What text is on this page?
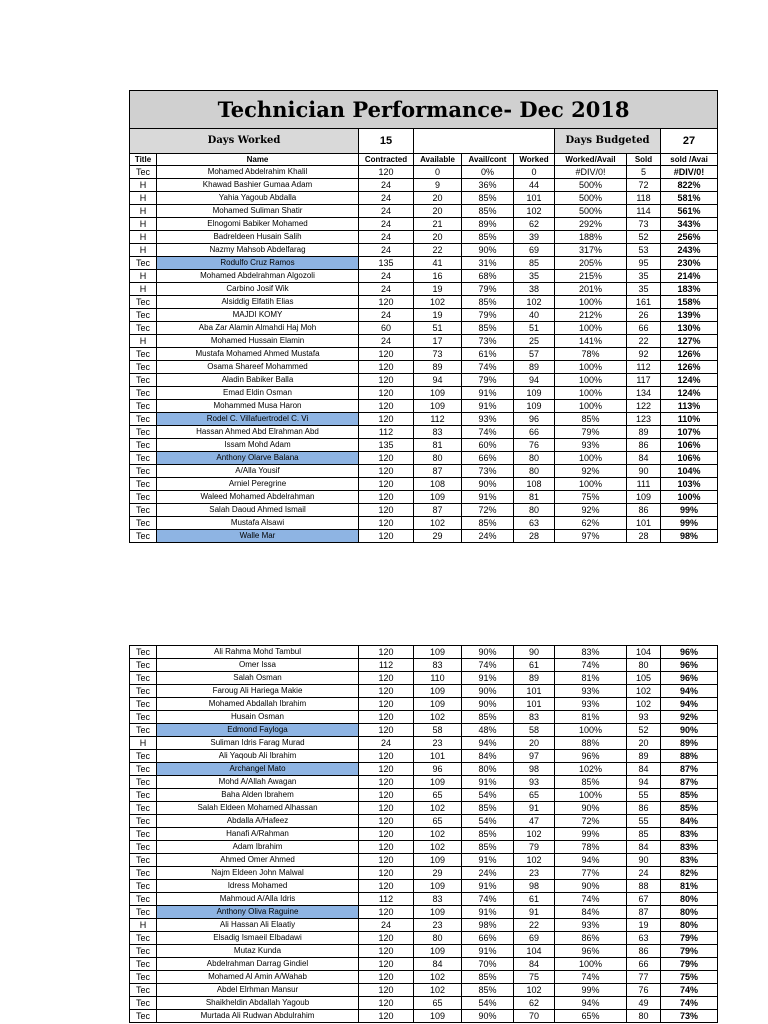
Technician Performance- Dec 2018								
Days Worked		15				Days Budgeted		27
Title	Name	Contracted	Available	Avail/cont	Worked	Worked/Avail	Sold	sold /Avai
Tec	Mohamed Abdelrahim Khalil	120	0	0%	0	#DIV/0!	5	#DIV/0!
H	Khawad Bashier Gumaa Adam	24	9	36%	44	500%	72	822%
H	Yahia Yagoub Abdalla	24	20	85%	101	500%	118	581%
H	Mohamed Suliman Shatir	24	20	85%	102	500%	114	561%
H	Elnogomi Babiker Mohamed	24	21	89%	62	292%	73	343%
H	Badreldeen Husain Salih	24	20	85%	39	188%	52	256%
H	Nazmy Mahsob Abdelfarag	24	22	90%	69	317%	53	243%
Tec	Rodulfo Cruz Ramos	135	41	31%	85	205%	95	230%
H	Mohamed Abdelrahman Algozoli	24	16	68%	35	215%	35	214%
H	Carbino Josif Wik	24	19	79%	38	201%	35	183%
Tec	Alsiddig Elfatih Elias	120	102	85%	102	100%	161	158%
Tec	MAJDI KOMY	24	19	79%	40	212%	26	139%
Tec	Aba Zar Alamin Almahdi Haj Moh	60	51	85%	51	100%	66	130%
H	Mohamed Hussain Elamin	24	17	73%	25	141%	22	127%
Tec	Mustafa Mohamed Ahmed Mustafa	120	73	61%	57	78%	92	126%
Tec	Osama Shareef Mohammed	120	89	74%	89	100%	112	126%
Tec	Aladin Babiker Balla	120	94	79%	94	100%	117	124%
Tec	Emad Eldin Osman	120	109	91%	109	100%	134	124%
Tec	Mohammed Musa Haron	120	109	91%	109	100%	122	113%
Tec	Rodel C. Villafuertrodel C. Vi	120	112	93%	96	85%	123	110%
Tec	Hassan Ahmed Abd Elrahman Abd	112	83	74%	66	79%	89	107%
Tec	Issam Mohd Adam	135	81	60%	76	93%	86	106%
Tec	Anthony Olarve Balana	120	80	66%	80	100%	84	106%
Tec	A/Alla Yousif	120	87	73%	80	92%	90	104%
Tec	Arniel Peregrine	120	108	90%	108	100%	111	103%
Tec	Waleed Mohamed Abdelrahman	120	109	91%	81	75%	109	100%
Tec	Salah Daoud Ahmed Ismail	120	87	72%	80	92%	86	99%
Tec	Mustafa Alsawi	120	102	85%	63	62%	101	99%
Tec	Walle Mar	120	29	24%	28	97%	28	98%
Tec	Ali Rahma Mohd Tambul	120	109	90%	90	83%	104	96%
Tec	Omer Issa	112	83	74%	61	74%	80	96%
Tec	Salah Osman	120	110	91%	89	81%	105	96%
Tec	Faroug Ali Hariega Makie	120	109	90%	101	93%	102	94%
Tec	Mohamed Abdallah Ibrahim	120	109	90%	101	93%	102	94%
Tec	Husain Osman	120	102	85%	83	81%	93	92%
Tec	Edmond Fayloga	120	58	48%	58	100%	52	90%
H	Suliman Idris Farag Murad	24	23	94%	20	88%	20	89%
Tec	Ali Yaqoub Ali Ibrahim	120	101	84%	97	96%	89	88%
Tec	Archangel Mato	120	96	80%	98	102%	84	87%
Tec	Mohd A/Allah Awagan	120	109	91%	93	85%	94	87%
Tec	Baha Alden Ibrahem	120	65	54%	65	100%	55	85%
Tec	Salah Eldeen Mohamed Alhassan	120	102	85%	91	90%	86	85%
Tec	Abdalla A/Hafeez	120	65	54%	47	72%	55	84%
Tec	Hanafi A/Rahman	120	102	85%	102	99%	85	83%
Tec	Adam Ibrahim	120	102	85%	79	78%	84	83%
Tec	Ahmed Omer Ahmed	120	109	91%	102	94%	90	83%
Tec	Najm Eldeen John Malwal	120	29	24%	23	77%	24	82%
Tec	Idress Mohamed	120	109	91%	98	90%	88	81%
Tec	Mahmoud A/Alla Idris	112	83	74%	61	74%	67	80%
Tec	Anthony Oliva Raguine	120	109	91%	91	84%	87	80%
H	Ali Hassan Ali Elaatiy	24	23	98%	22	93%	19	80%
Tec	Elsadig Ismaeil Elbadawi	120	80	66%	69	86%	63	79%
Tec	Mutaz Kunda	120	109	91%	104	96%	86	79%
Tec	Abdelrahman Darrag Gindiel	120	84	70%	84	100%	66	79%
Tec	Mohamed Al Amin A/Wahab	120	102	85%	75	74%	77	75%
Tec	Abdel Elrhman Mansur	120	102	85%	102	99%	76	74%
Tec	Shaikheldin Abdallah Yagoub	120	65	54%	62	94%	49	74%
Tec	Murtada Ali Rudwan Abdulrahim	120	109	90%	70	65%	80	73%
